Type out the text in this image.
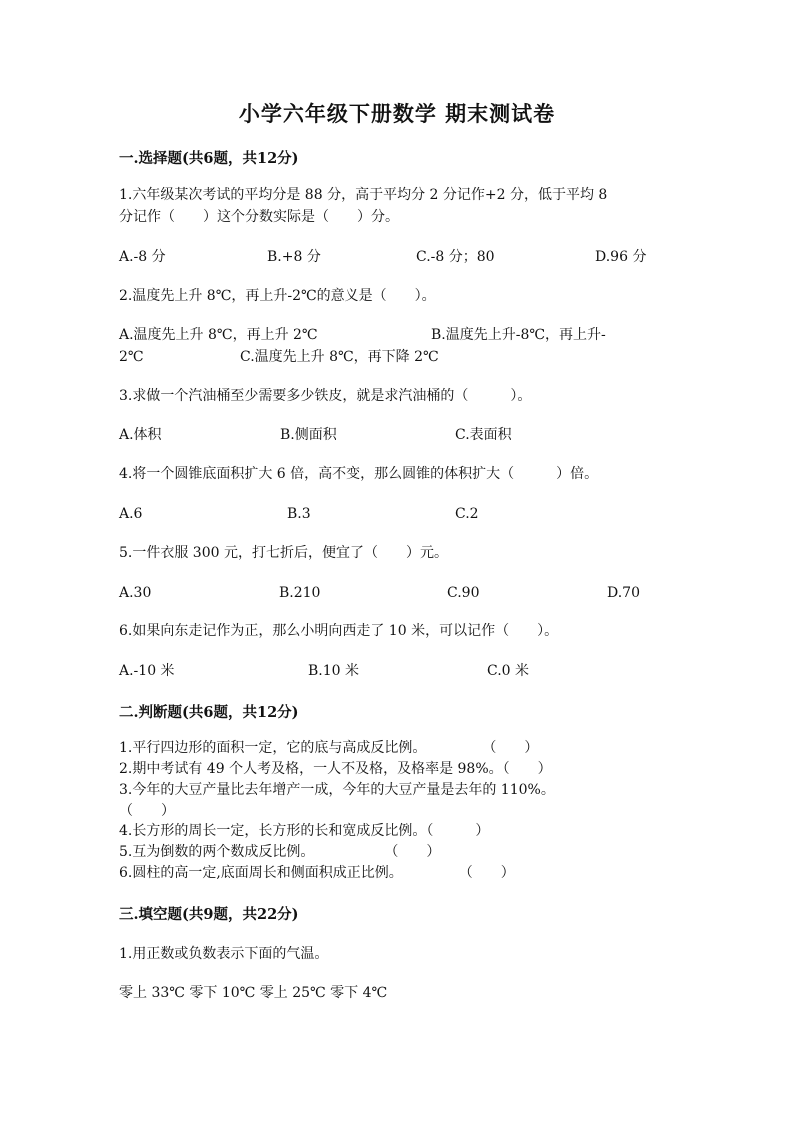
小学六年级下册数学 期末测试卷
一.选择题(共6题，共12分)
1.六年级某次考试的平均分是 88 分，高于平均分 2 分记作+2 分，低于平均 8
分记作（　　）这个分数实际是（　　）分。
A.-8 分	B.+8 分	C.-8 分；80	D.96 分
2.温度先上升 8℃，再上升-2℃的意义是（　　）。
A.温度先上升 8℃，再上升 2℃	B.温度先上升-8℃，再上升-
2℃	C.温度先上升 8℃，再下降 2℃
3.求做一个汽油桶至少需要多少铁皮，就是求汽油桶的（　　　）。
A.体积	B.侧面积	C.表面积
4.将一个圆锥底面积扩大 6 倍，高不变，那么圆锥的体积扩大（　　　）倍。
A.6	B.3	C.2
5.一件衣服 300 元，打七折后，便宜了（　　）元。
A.30	B.210	C.90	D.70
6.如果向东走记作为正，那么小明向西走了 10 米，可以记作（　　）。
A.-10 米	B.10 米	C.0 米
二.判断题(共6题，共12分)
1.平行四边形的面积一定，它的底与高成反比例。　　　　　（　　）
2.期中考试有 49 个人考及格，一人不及格，及格率是 98%。（　　）
3.今年的大豆产量比去年增产一成，今年的大豆产量是去年的 110%。
（　　）
4.长方形的周长一定，长方形的长和宽成反比例。（　　　）
5.互为倒数的两个数成反比例。　　　　　　（　　）
6.圆柱的高一定,底面周长和侧面积成正比例。　　　　　（　　）
三.填空题(共9题，共22分)
1.用正数或负数表示下面的气温。
零上 33℃ 零下 10℃ 零上 25℃ 零下 4℃
